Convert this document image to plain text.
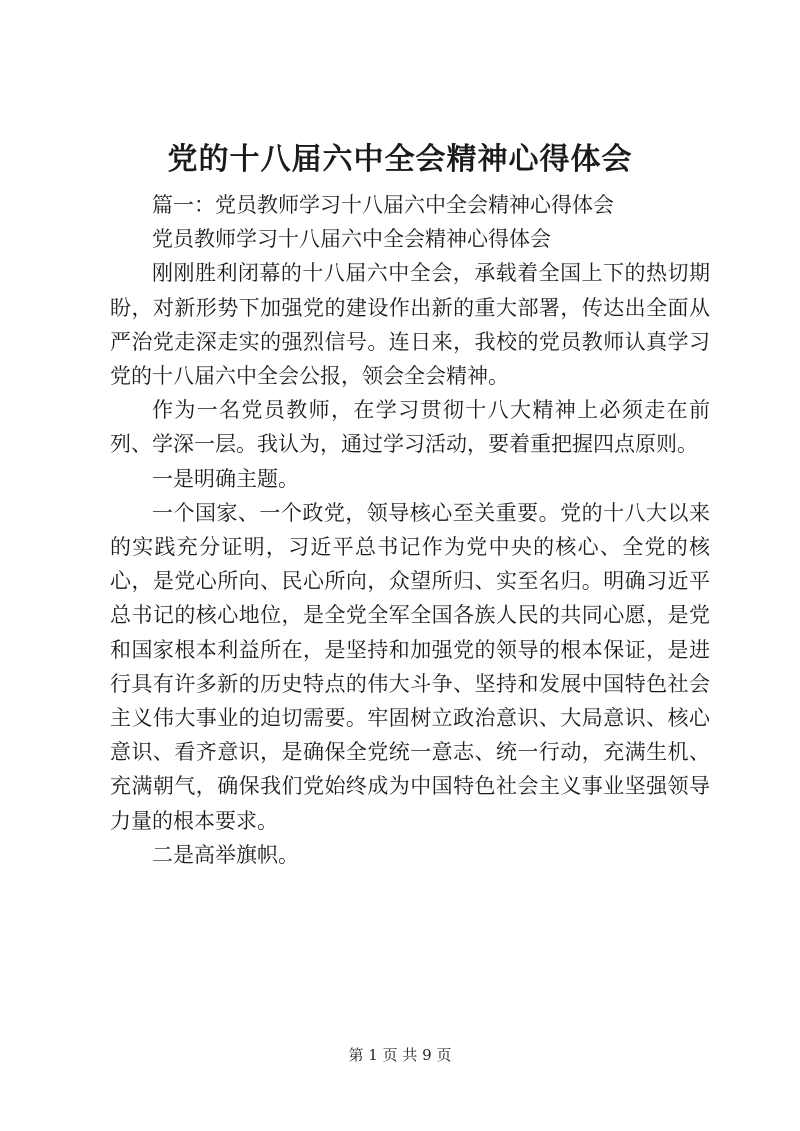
党的十八届六中全会精神心得体会

篇一：党员教师学习十八届六中全会精神心得体会

党员教师学习十八届六中全会精神心得体会

刚刚胜利闭幕的十八届六中全会，承载着全国上下的热切期盼，对新形势下加强党的建设作出新的重大部署，传达出全面从严治党走深走实的强烈信号。连日来，我校的党员教师认真学习党的十八届六中全会公报，领会全会精神。

作为一名党员教师，在学习贯彻十八大精神上必须走在前列、学深一层。我认为，通过学习活动，要着重把握四点原则。

一是明确主题。

一个国家、一个政党，领导核心至关重要。党的十八大以来的实践充分证明，习近平总书记作为党中央的核心、全党的核心，是党心所向、民心所向，众望所归、实至名归。明确习近平总书记的核心地位，是全党全军全国各族人民的共同心愿，是党和国家根本利益所在，是坚持和加强党的领导的根本保证，是进行具有许多新的历史特点的伟大斗争、坚持和发展中国特色社会主义伟大事业的迫切需要。牢固树立政治意识、大局意识、核心意识、看齐意识，是确保全党统一意志、统一行动，充满生机、充满朝气，确保我们党始终成为中国特色社会主义事业坚强领导力量的根本要求。

二是高举旗帜。

第 1 页 共 9 页
